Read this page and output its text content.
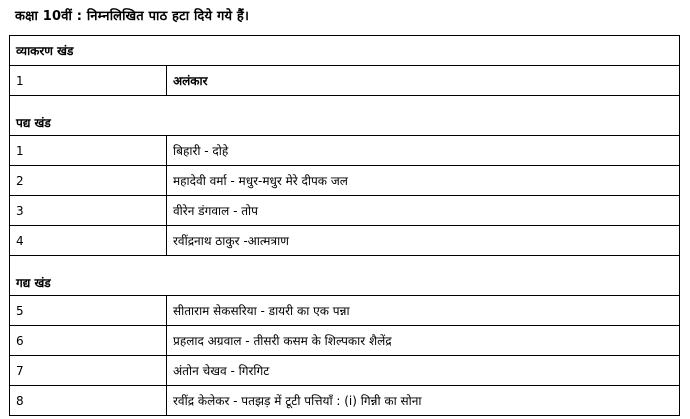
कक्षा 10वीं : निम्नलिखित पाठ हटा दिये गये हैं।
व्याकरण खंड	
1	अलंकार
पद्य खंड	
1	बिहारी - दोहे
2	महादेवी वर्मा - मधुर-मधुर मेरे दीपक जल
3	वीरेन डंगवाल - तोप
4	रवींद्रनाथ ठाकुर -आत्मत्राण
गद्य खंड	
5	सीताराम सेकसरिया - डायरी का एक पन्ना
6	प्रहलाद अग्रवाल - तीसरी कसम के शिल्पकार शैलेंद्र
7	अंतोन चेखव - गिरगिट
8	रवींद्र केलेकर - पतझड़ में टूटी पत्तियाँ : (i) गिन्नी का सोना
